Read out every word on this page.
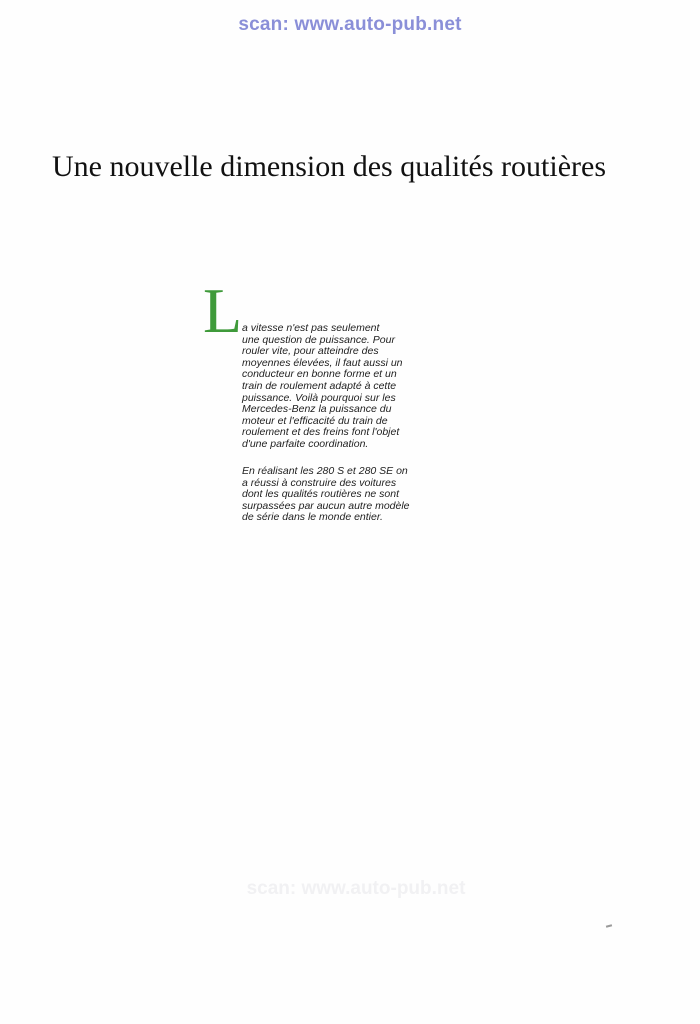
scan: www.auto-pub.net
Une nouvelle dimension des qualités routières
L a vitesse n'est pas seulement
une question de puissance. Pour
rouler vite, pour atteindre des
moyennes élevées, il faut aussi un
conducteur en bonne forme et un
train de roulement adapté à cette
puissance. Voilà pourquoi sur les
Mercedes-Benz la puissance du
moteur et l'efficacité du train de
roulement et des freins font l'objet
d'une parfaite coordination.

En réalisant les 280 S et 280 SE on
a réussi à construire des voitures
dont les qualités routières ne sont
surpassées par aucun autre modèle
de série dans le monde entier.

scan: www.auto-pub.net
